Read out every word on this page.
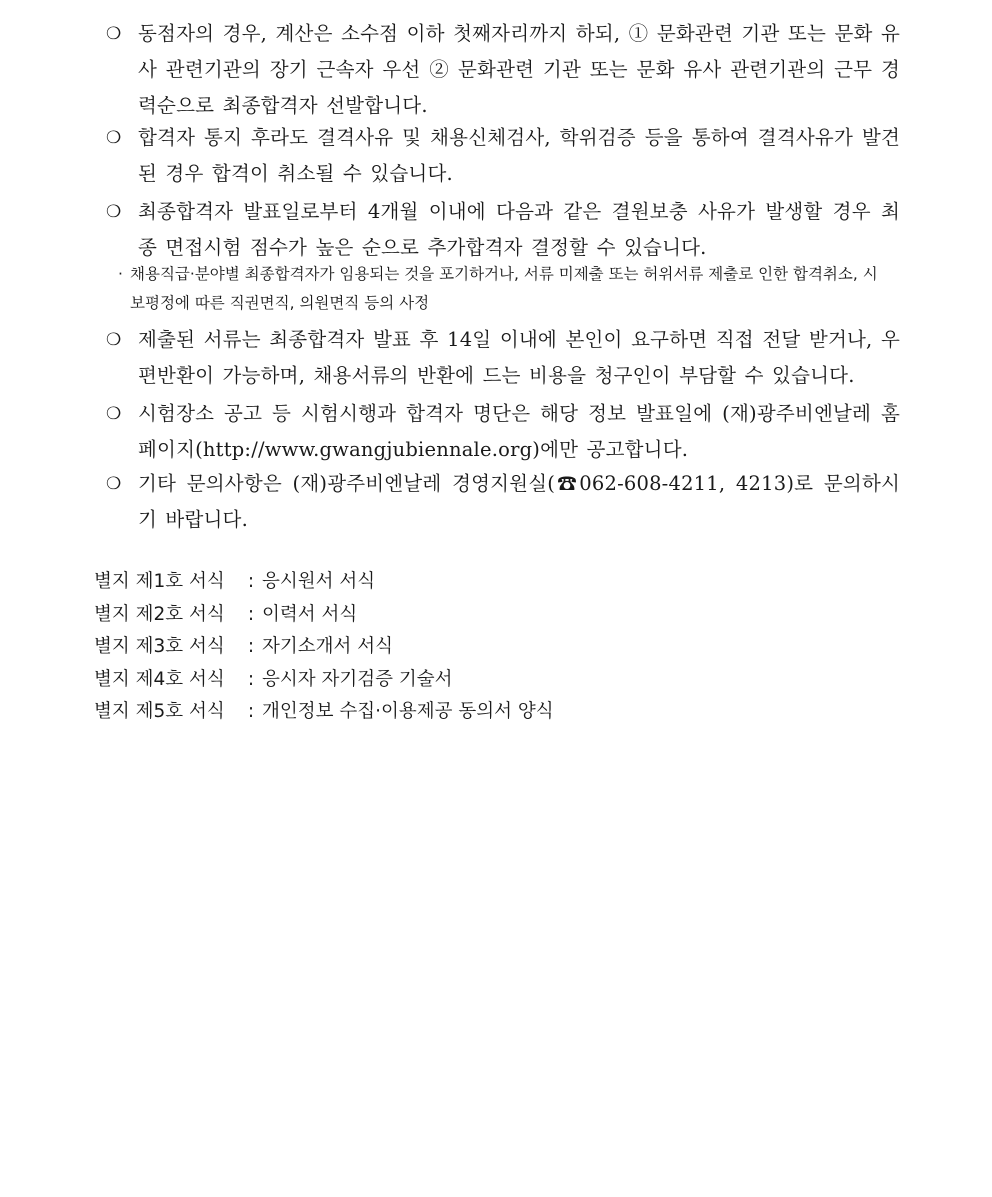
❍ 동점자의 경우, 계산은 소수점 이하 첫째자리까지 하되, ① 문화관련 기관 또는 문화 유사 관련기관의 장기 근속자 우선 ② 문화관련 기관 또는 문화 유사 관련기관의 근무 경력순으로 최종합격자 선발합니다.
❍ 합격자 통지 후라도 결격사유 및 채용신체검사, 학위검증 등을 통하여 결격사유가 발견된 경우 합격이 취소될 수 있습니다.
❍ 최종합격자 발표일로부터 4개월 이내에 다음과 같은 결원보충 사유가 발생할 경우 최종 면접시험 점수가 높은 순으로 추가합격자 결정할 수 있습니다.
· 채용직급·분야별 최종합격자가 임용되는 것을 포기하거나, 서류 미제출 또는 허위서류 제출로 인한 합격취소, 시보평정에 따른 직권면직, 의원면직 등의 사정
❍ 제출된 서류는 최종합격자 발표 후 14일 이내에 본인이 요구하면 직접 전달 받거나, 우편반환이 가능하며, 채용서류의 반환에 드는 비용을 청구인이 부담할 수 있습니다.
❍ 시험장소 공고 등 시험시행과 합격자 명단은 해당 정보 발표일에 (재)광주비엔날레 홈페이지(http://www.gwangjubiennale.org)에만 공고합니다.
❍ 기타 문의사항은 (재)광주비엔날레 경영지원실(☎062-608-4211, 4213)로 문의하시기 바랍니다.
별지 제1호 서식 : 응시원서 서식
별지 제2호 서식 : 이력서 서식
별지 제3호 서식 : 자기소개서 서식
별지 제4호 서식 : 응시자 자기검증 기술서
별지 제5호 서식 : 개인정보 수집·이용제공 동의서 양식
